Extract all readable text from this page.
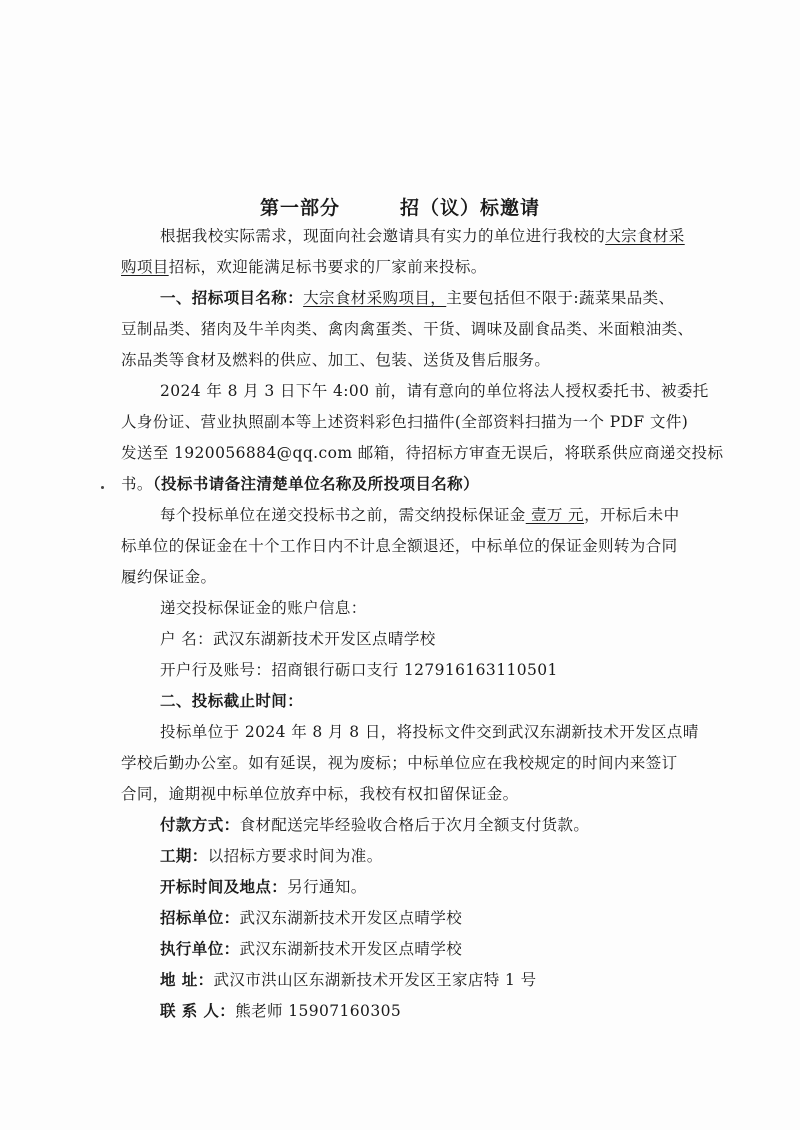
第一部分	招（议）标邀请
根据我校实际需求，现面向社会邀请具有实力的单位进行我校的大宗食材采
购项目招标，欢迎能满足标书要求的厂家前来投标。
一、招标项目名称：大宗食材采购项目，主要包括但不限于:蔬菜果品类、
豆制品类、猪肉及牛羊肉类、禽肉禽蛋类、干货、调味及副食品类、米面粮油类、
冻品类等食材及燃料的供应、加工、包装、送货及售后服务。
2024 年 8 月 3 日下午 4:00 前，请有意向的单位将法人授权委托书、被委托
人身份证、营业执照副本等上述资料彩色扫描件(全部资料扫描为一个 PDF 文件)
发送至 1920056884@qq.com 邮箱，待招标方审查无误后，将联系供应商递交投标
书。（投标书请备注清楚单位名称及所投项目名称）
每个投标单位在递交投标书之前，需交纳投标保证金 壹万 元，开标后未中
标单位的保证金在十个工作日内不计息全额退还，中标单位的保证金则转为合同
履约保证金。
递交投标保证金的账户信息：
户 名：武汉东湖新技术开发区点晴学校
开户行及账号：招商银行砺口支行 127916163110501
二、投标截止时间：
投标单位于 2024 年 8 月 8 日，将投标文件交到武汉东湖新技术开发区点晴
学校后勤办公室。如有延误，视为废标；中标单位应在我校规定的时间内来签订
合同，逾期视中标单位放弃中标，我校有权扣留保证金。
付款方式：食材配送完毕经验收合格后于次月全额支付货款。
工期：以招标方要求时间为准。
开标时间及地点：另行通知。
招标单位：武汉东湖新技术开发区点晴学校
执行单位：武汉东湖新技术开发区点晴学校
地 址：武汉市洪山区东湖新技术开发区王家店特 1 号
联 系 人：熊老师 15907160305
